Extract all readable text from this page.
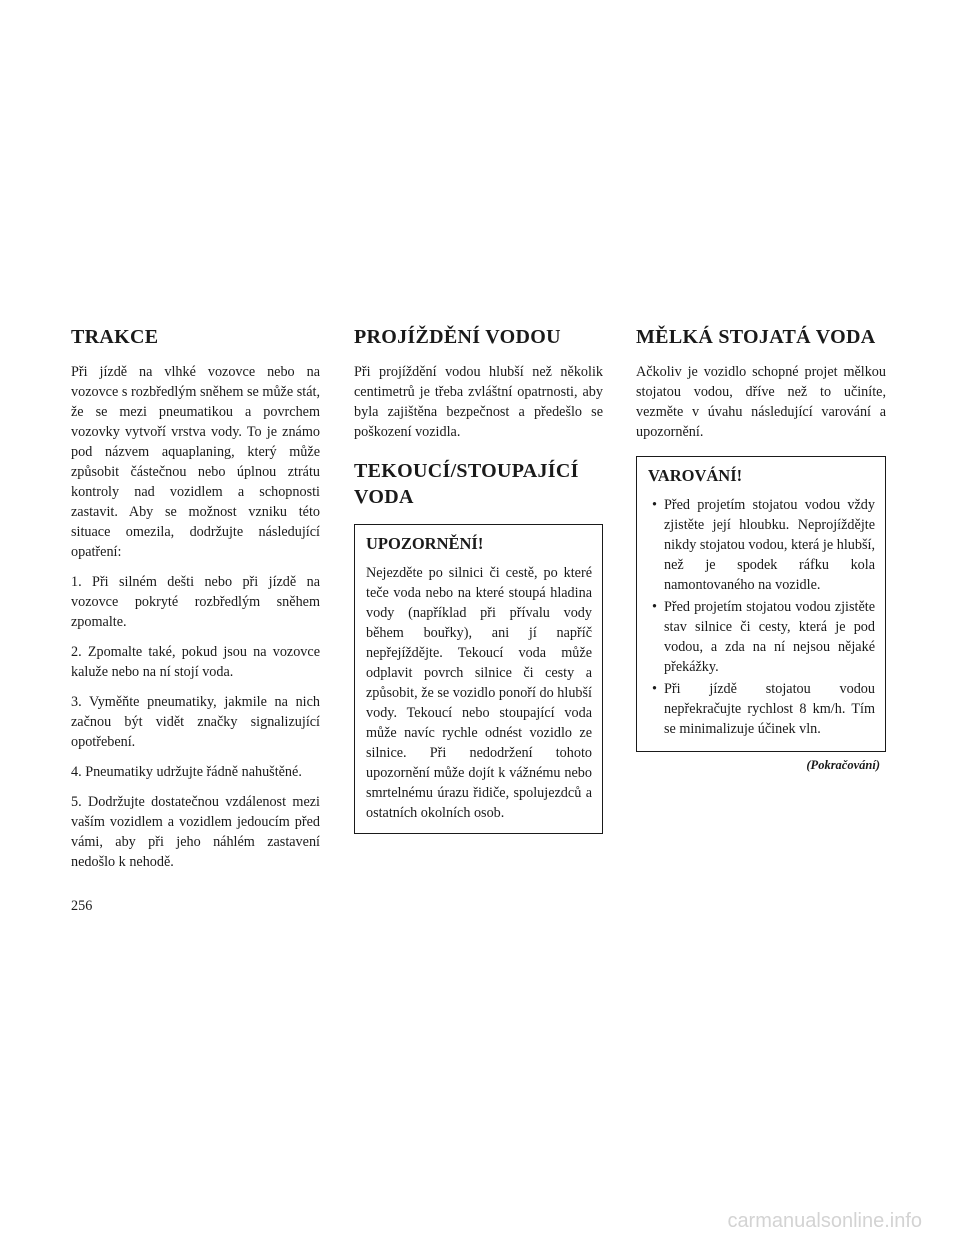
TRAKCE

Při jízdě na vlhké vozovce nebo na vozovce s rozbředlým sněhem se může stát, že se mezi pneumatikou a povrchem vozovky vytvoří vrstva vody. To je známo pod názvem aquaplaning, který může způsobit částečnou nebo úplnou ztrátu kontroly nad vozidlem a schopnosti zastavit. Aby se možnost vzniku této situace omezila, dodržujte následující opatření:

1. Při silném dešti nebo při jízdě na vozovce pokryté rozbředlým sněhem zpomalte.

2. Zpomalte také, pokud jsou na vozovce kaluže nebo na ní stojí voda.

3. Vyměňte pneumatiky, jakmile na nich začnou být vidět značky signalizující opotřebení.

4. Pneumatiky udržujte řádně nahuštěné.

5. Dodržujte dostatečnou vzdálenost mezi vaším vozidlem a vozidlem jedoucím před vámi, aby při jeho náhlém zastavení nedošlo k nehodě.

PROJÍŽDĚNÍ VODOU

Při projíždění vodou hlubší než několik centimetrů je třeba zvláštní opatrnosti, aby byla zajištěna bezpečnost a předešlo se poškození vozidla.

TEKOUCÍ/STOUPAJÍCÍ VODA
UPOZORNĚNÍ!

Nejezděte po silnici či cestě, po které teče voda nebo na které stoupá hladina vody (například při přívalu vody během bouřky), ani jí napříč nepřejíždějte. Tekoucí voda může odplavit povrch silnice či cesty a způsobit, že se vozidlo ponoří do hlubší vody. Tekoucí nebo stoupající voda může navíc rychle odnést vozidlo ze silnice. Při nedodržení tohoto upozornění může dojít k vážnému nebo smrtelnému úrazu řidiče, spolujezdců a ostatních okolních osob.

MĚLKÁ STOJATÁ VODA

Ačkoliv je vozidlo schopné projet mělkou stojatou vodou, dříve než to učiníte, vezměte v úvahu následující varování a upozornění.

VAROVÁNÍ!
• Před projetím stojatou vodou vždy zjistěte její hloubku. Neprojíždějte nikdy stojatou vodou, která je hlubší, než je spodek ráfku kola namontovaného na vozidle.
• Před projetím stojatou vodou zjistěte stav silnice či cesty, která je pod vodou, a zda na ní nejsou nějaké překážky.
• Při jízdě stojatou vodou nepřekračujte rychlost 8 km/h. Tím se minimalizuje účinek vln.
(Pokračování)
256
carmanualsonline.info
